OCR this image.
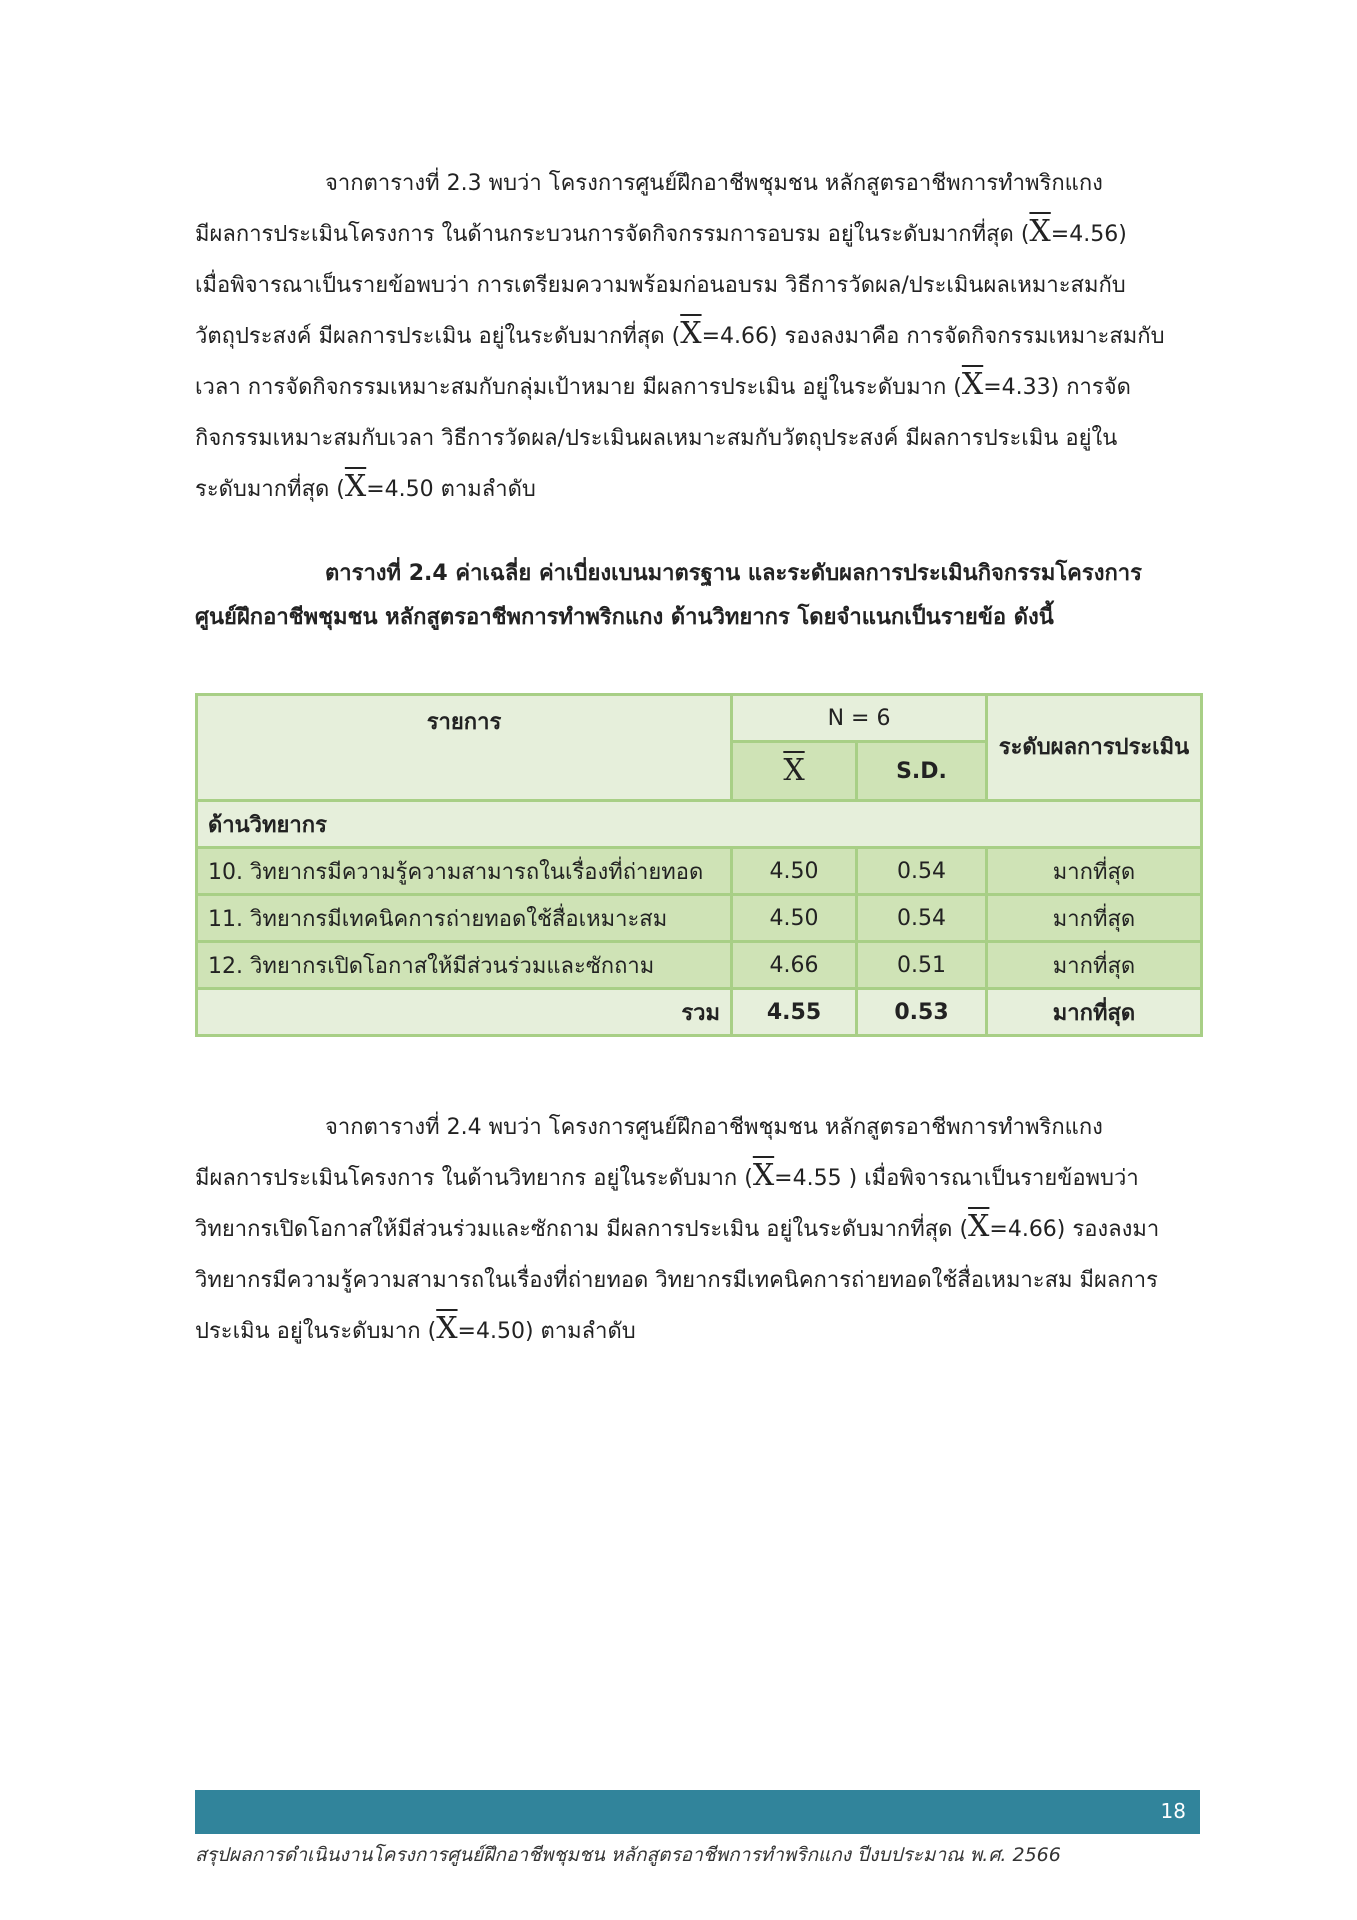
จากตารางที่ 2.3 พบว่า โครงการศูนย์ฝึกอาชีพชุมชน หลักสูตรอาชีพการทำพริกแกง
มีผลการประเมินโครงการ ในด้านกระบวนการจัดกิจกรรมการอบรม อยู่ในระดับมากที่สุด $(\overline{X}=4.56)$
เมื่อพิจารณาเป็นรายข้อพบว่า การเตรียมความพร้อมก่อนอบรม วิธีการวัดผล/ประเมินผลเหมาะสมกับ
วัตถุประสงค์ มีผลการประเมิน อยู่ในระดับมากที่สุด $(\overline{X}=4.66)$ รองลงมาคือ การจัดกิจกรรมเหมาะสมกับ
เวลา การจัดกิจกรรมเหมาะสมกับกลุ่มเป้าหมาย มีผลการประเมิน อยู่ในระดับมาก $(\overline{X}=4.33)$ การจัด
กิจกรรมเหมาะสมกับเวลา วิธีการวัดผล/ประเมินผลเหมาะสมกับวัตถุประสงค์ มีผลการประเมิน อยู่ใน
ระดับมากที่สุด ($\overline{X}=4.50$ ตามลำดับ
ตารางที่ 2.4 ค่าเฉลี่ย ค่าเบี่ยงเบนมาตรฐาน และระดับผลการประเมินกิจกรรมโครงการ
ศูนย์ฝึกอาชีพชุมชน หลักสูตรอาชีพการทำพริกแกง ด้านวิทยากร โดยจำแนกเป็นรายข้อ ดังนี้
รายการ	N = 6		ระดับผลการประเมิน
	$\overline{X}$	S.D.	
ด้านวิทยากร			
10. วิทยากรมีความรู้ความสามารถในเรื่องที่ถ่ายทอด	4.50	0.54	มากที่สุด
11. วิทยากรมีเทคนิคการถ่ายทอดใช้สื่อเหมาะสม	4.50	0.54	มากที่สุด
12. วิทยากรเปิดโอกาสให้มีส่วนร่วมและซักถาม	4.66	0.51	มากที่สุด
รวม	4.55	0.53	มากที่สุด
จากตารางที่ 2.4 พบว่า โครงการศูนย์ฝึกอาชีพชุมชน หลักสูตรอาชีพการทำพริกแกง
มีผลการประเมินโครงการ ในด้านวิทยากร อยู่ในระดับมาก ($\overline{X}=4.55$ ) เมื่อพิจารณาเป็นรายข้อพบว่า
วิทยากรเปิดโอกาสให้มีส่วนร่วมและซักถาม มีผลการประเมิน อยู่ในระดับมากที่สุด $(\overline{X}=4.66)$ รองลงมา
วิทยากรมีความรู้ความสามารถในเรื่องที่ถ่ายทอด วิทยากรมีเทคนิคการถ่ายทอดใช้สื่อเหมาะสม มีผลการ
ประเมิน อยู่ในระดับมาก $(\overline{X}=4.50)$ ตามลำดับ
18
สรุปผลการดำเนินงานโครงการศูนย์ฝึกอาชีพชุมชน หลักสูตรอาชีพการทำพริกแกง ปีงบประมาณ พ.ศ. 2566
